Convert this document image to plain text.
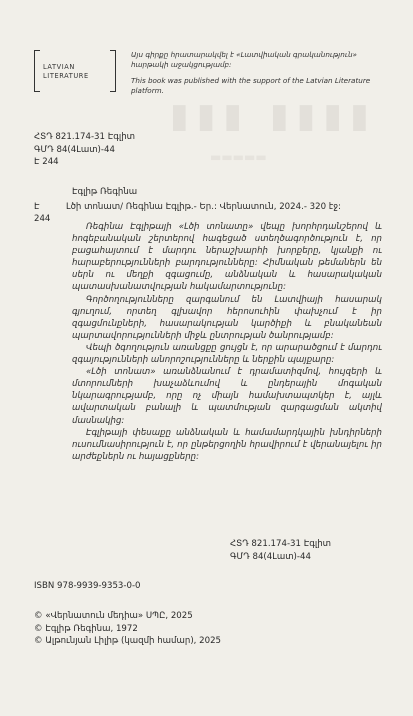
▮▮▮ ▮▮▮▮
▬▬▬▬▬
LATVIAN
LITERATURE
Այս գիրքը հրատարակվել է «Լատվիական գրականություն» հարթակի աջակցությամբ:
This book was published with the support of the Latvian Literature platform.
ՀՏԴ 821.174-31 Էգլիտ
ԳՄԴ 84(4Լատ)-44
Է 244
Էգլիթ Ռեգինա
Է 244
Լծի տոնատ/ Ռեգինա Էգլիթ.- Եր.: Վերնատուն, 2024.- 320 էջ:

Ռեգինա Էգլիթայի «Լծի տոնատը» վեպը խորհրդանշերով և հոգեբանական շերտերով հագեցած ստեղծագործություն է, որ բացահայտում է մարդու ներաշխարհի խորքերը, կյանքի ու հարաբերությունների բարդությունները: Հիմնական թեմաներն են սերն ու մեղքի զգացումը, անձնական և հասարակական պատասխանատվության հակամարտությունը:

Գործողությունները զարգանում են Լատվիայի հասարակ գյուղում, որտեղ գլխավոր հերոսուհին փախչում է իր զգացմունքների, հասարակության կարծիքի և բնականեան պարտավորությունների միջև ընտրության ծանրությամբ:

Վեպի ծգողություն առանցքը ցույցն է, որ արարածցում է մարդու զգայությունների անորոշությունները և ներքին պայքարը:

«Լծի տոնատ» առանձնանում է դրամատիզմով, հույզերի և մտորումների խաչաձևումով և ընդերային մոգական նկարագրությամբ, որը ոչ միայն համախտապտկեր է, այլև ավարտական բանալի և պատմության զարգացման ակտիվ մասնակից:

Էգլիթայի փեսաքը անձնական և համամարդկային խնդիրների ուսումնասիրություն է, որ ընթերցողին հրավիրում է վերանայելու իր արժեքներն ու հայացքները:

ՀՏԴ 821.174-31 Էգլիտ
ԳՄԴ 84(4Լատ)-44
ISBN 978-9939-9353-0-0
© «Վերնատուն մեդիա» ՍՊԸ, 2025
© Էգլիթ Ռեգինա, 1972
© Ալթունյան Լիլիթ (կազմի համար), 2025
